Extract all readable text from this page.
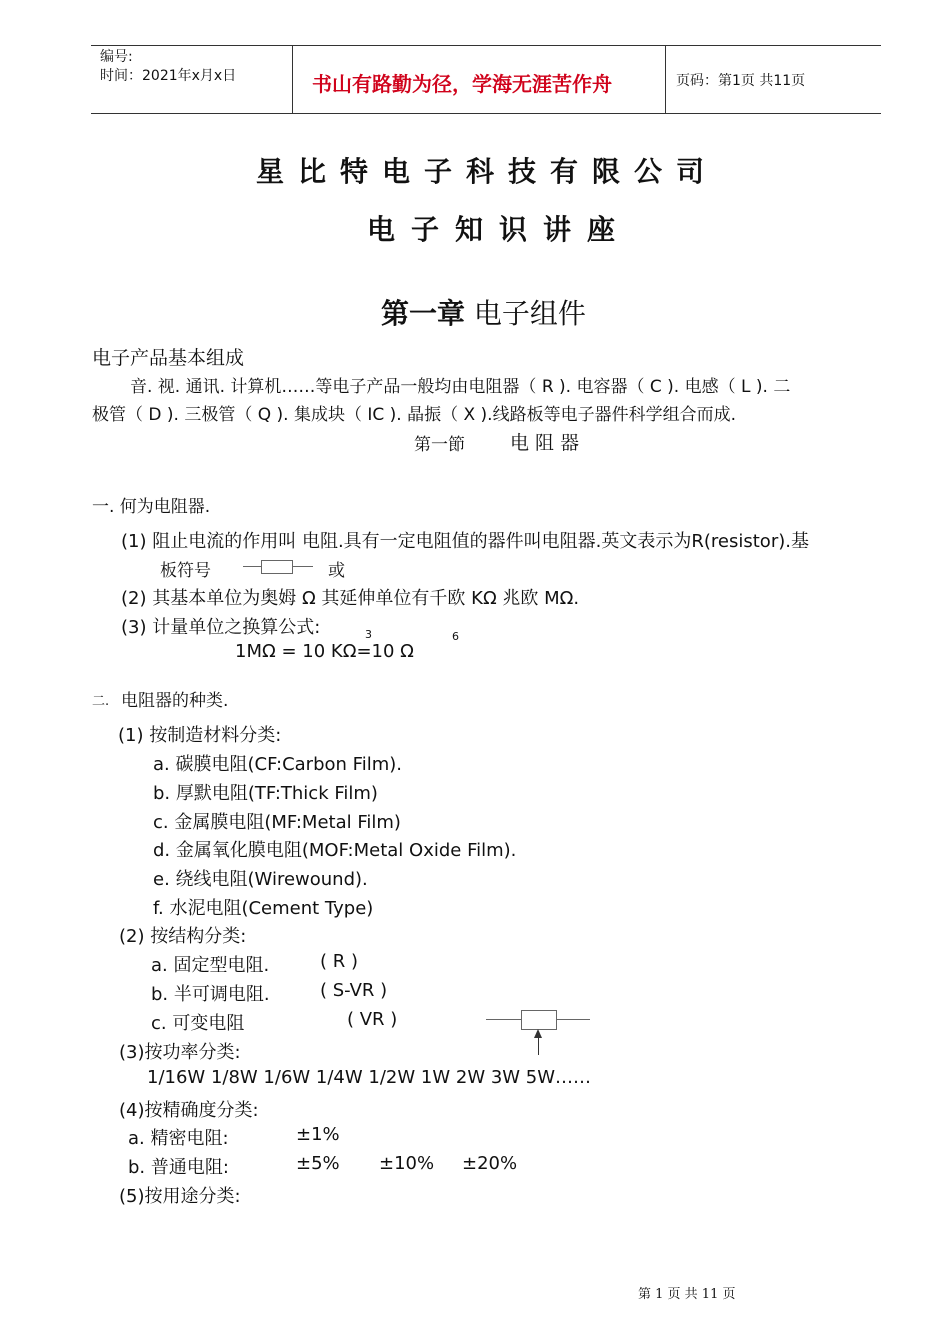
编号:
时间：2021年x月x日	书山有路勤为径，学海无涯苦作舟	页码：第1页 共11页
星比特电子科技有限公司
电子知识讲座
第一章 电子组件
电子产品基本组成
音. 视. 通讯. 计算机……等电子产品一般均由电阻器（ R ). 电容器（ C ). 电感（ L ). 二
极管（ D ). 三极管（ Q ). 集成块（ IC ). 晶振（ X ).线路板等电子器件科学组合而成.
第一節 电 阻 器
一. 何为电阻器.
(1) 阻止电流的作用叫 电阻.具有一定电阻值的器件叫电阻器.英文表示为R(resistor).基
板符号	或
(2) 其基本单位为奥姆 Ω 其延伸单位有千欧 KΩ 兆欧 MΩ.
(3) 计量单位之换算公式:	3	6
1MΩ = 10 KΩ=10 Ω
二. 电阻器的种类.
(1) 按制造材料分类:
a. 碳膜电阻(CF:Carbon Film).
b. 厚默电阻(TF:Thick Film)
c. 金属膜电阻(MF:Metal Film)
d. 金属氧化膜电阻(MOF:Metal Oxide Film).
e. 绕线电阻(Wirewound).
f. 水泥电阻(Cement Type)
(2) 按结构分类:
a. 固定型电阻.	( R )
b. 半可调电阻.	( S-VR )
c. 可变电阻	( VR )
(3)按功率分类:
1/16W 1/8W 1/6W 1/4W 1/2W 1W 2W 3W 5W……
(4)按精确度分类:
a. 精密电阻:	±1%
b. 普通电阻:	±5% ±10% ±20%
(5)按用途分类:
第 1 页 共 11 页
